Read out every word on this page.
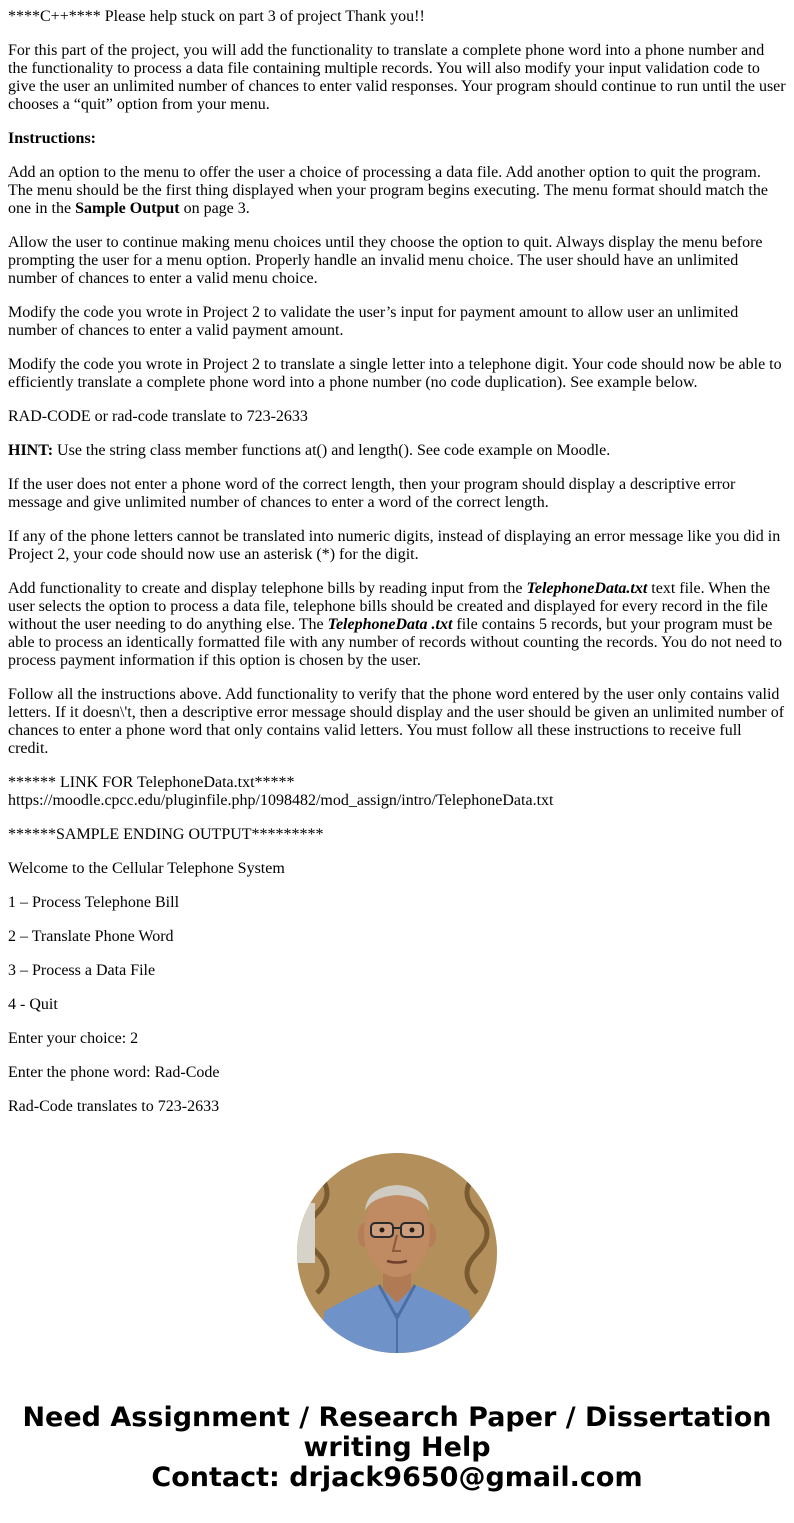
****C++**** Please help stuck on part 3 of project Thank you!!

For this part of the project, you will add the functionality to translate a complete phone word into a phone number and the functionality to process a data file containing multiple records. You will also modify your input validation code to give the user an unlimited number of chances to enter valid responses. Your program should continue to run until the user chooses a “quit” option from your menu.

Instructions:

Add an option to the menu to offer the user a choice of processing a data file. Add another option to quit the program. The menu should be the first thing displayed when your program begins executing. The menu format should match the one in the Sample Output on page 3.

Allow the user to continue making menu choices until they choose the option to quit. Always display the menu before prompting the user for a menu option. Properly handle an invalid menu choice. The user should have an unlimited number of chances to enter a valid menu choice.

Modify the code you wrote in Project 2 to validate the user’s input for payment amount to allow user an unlimited number of chances to enter a valid payment amount.

Modify the code you wrote in Project 2 to translate a single letter into a telephone digit. Your code should now be able to efficiently translate a complete phone word into a phone number (no code duplication). See example below.

RAD-CODE or rad-code translate to 723-2633

HINT: Use the string class member functions at() and length(). See code example on Moodle.

If the user does not enter a phone word of the correct length, then your program should display a descriptive error message and give unlimited number of chances to enter a word of the correct length.

If any of the phone letters cannot be translated into numeric digits, instead of displaying an error message like you did in Project 2, your code should now use an asterisk (*) for the digit.

Add functionality to create and display telephone bills by reading input from the TelephoneData.txt text file. When the user selects the option to process a data file, telephone bills should be created and displayed for every record in the file without the user needing to do anything else. The TelephoneData .txt file contains 5 records, but your program must be able to process an identically formatted file with any number of records without counting the records. You do not need to process payment information if this option is chosen by the user.

Follow all the instructions above. Add functionality to verify that the phone word entered by the user only contains valid letters. If it doesn\'t, then a descriptive error message should display and the user should be given an unlimited number of chances to enter a phone word that only contains valid letters. You must follow all these instructions to receive full credit.

****** LINK FOR TelephoneData.txt*****
https://moodle.cpcc.edu/pluginfile.php/1098482/mod_assign/intro/TelephoneData.txt

******SAMPLE ENDING OUTPUT*********

Welcome to the Cellular Telephone System

1 – Process Telephone Bill

2 – Translate Phone Word

3 – Process a Data File

4 - Quit

Enter your choice: 2

Enter the phone word: Rad-Code

Rad-Code translates to 723-2633

Need Assignment / Research Paper / Dissertation
writing Help
Contact: drjack9650@gmail.com
